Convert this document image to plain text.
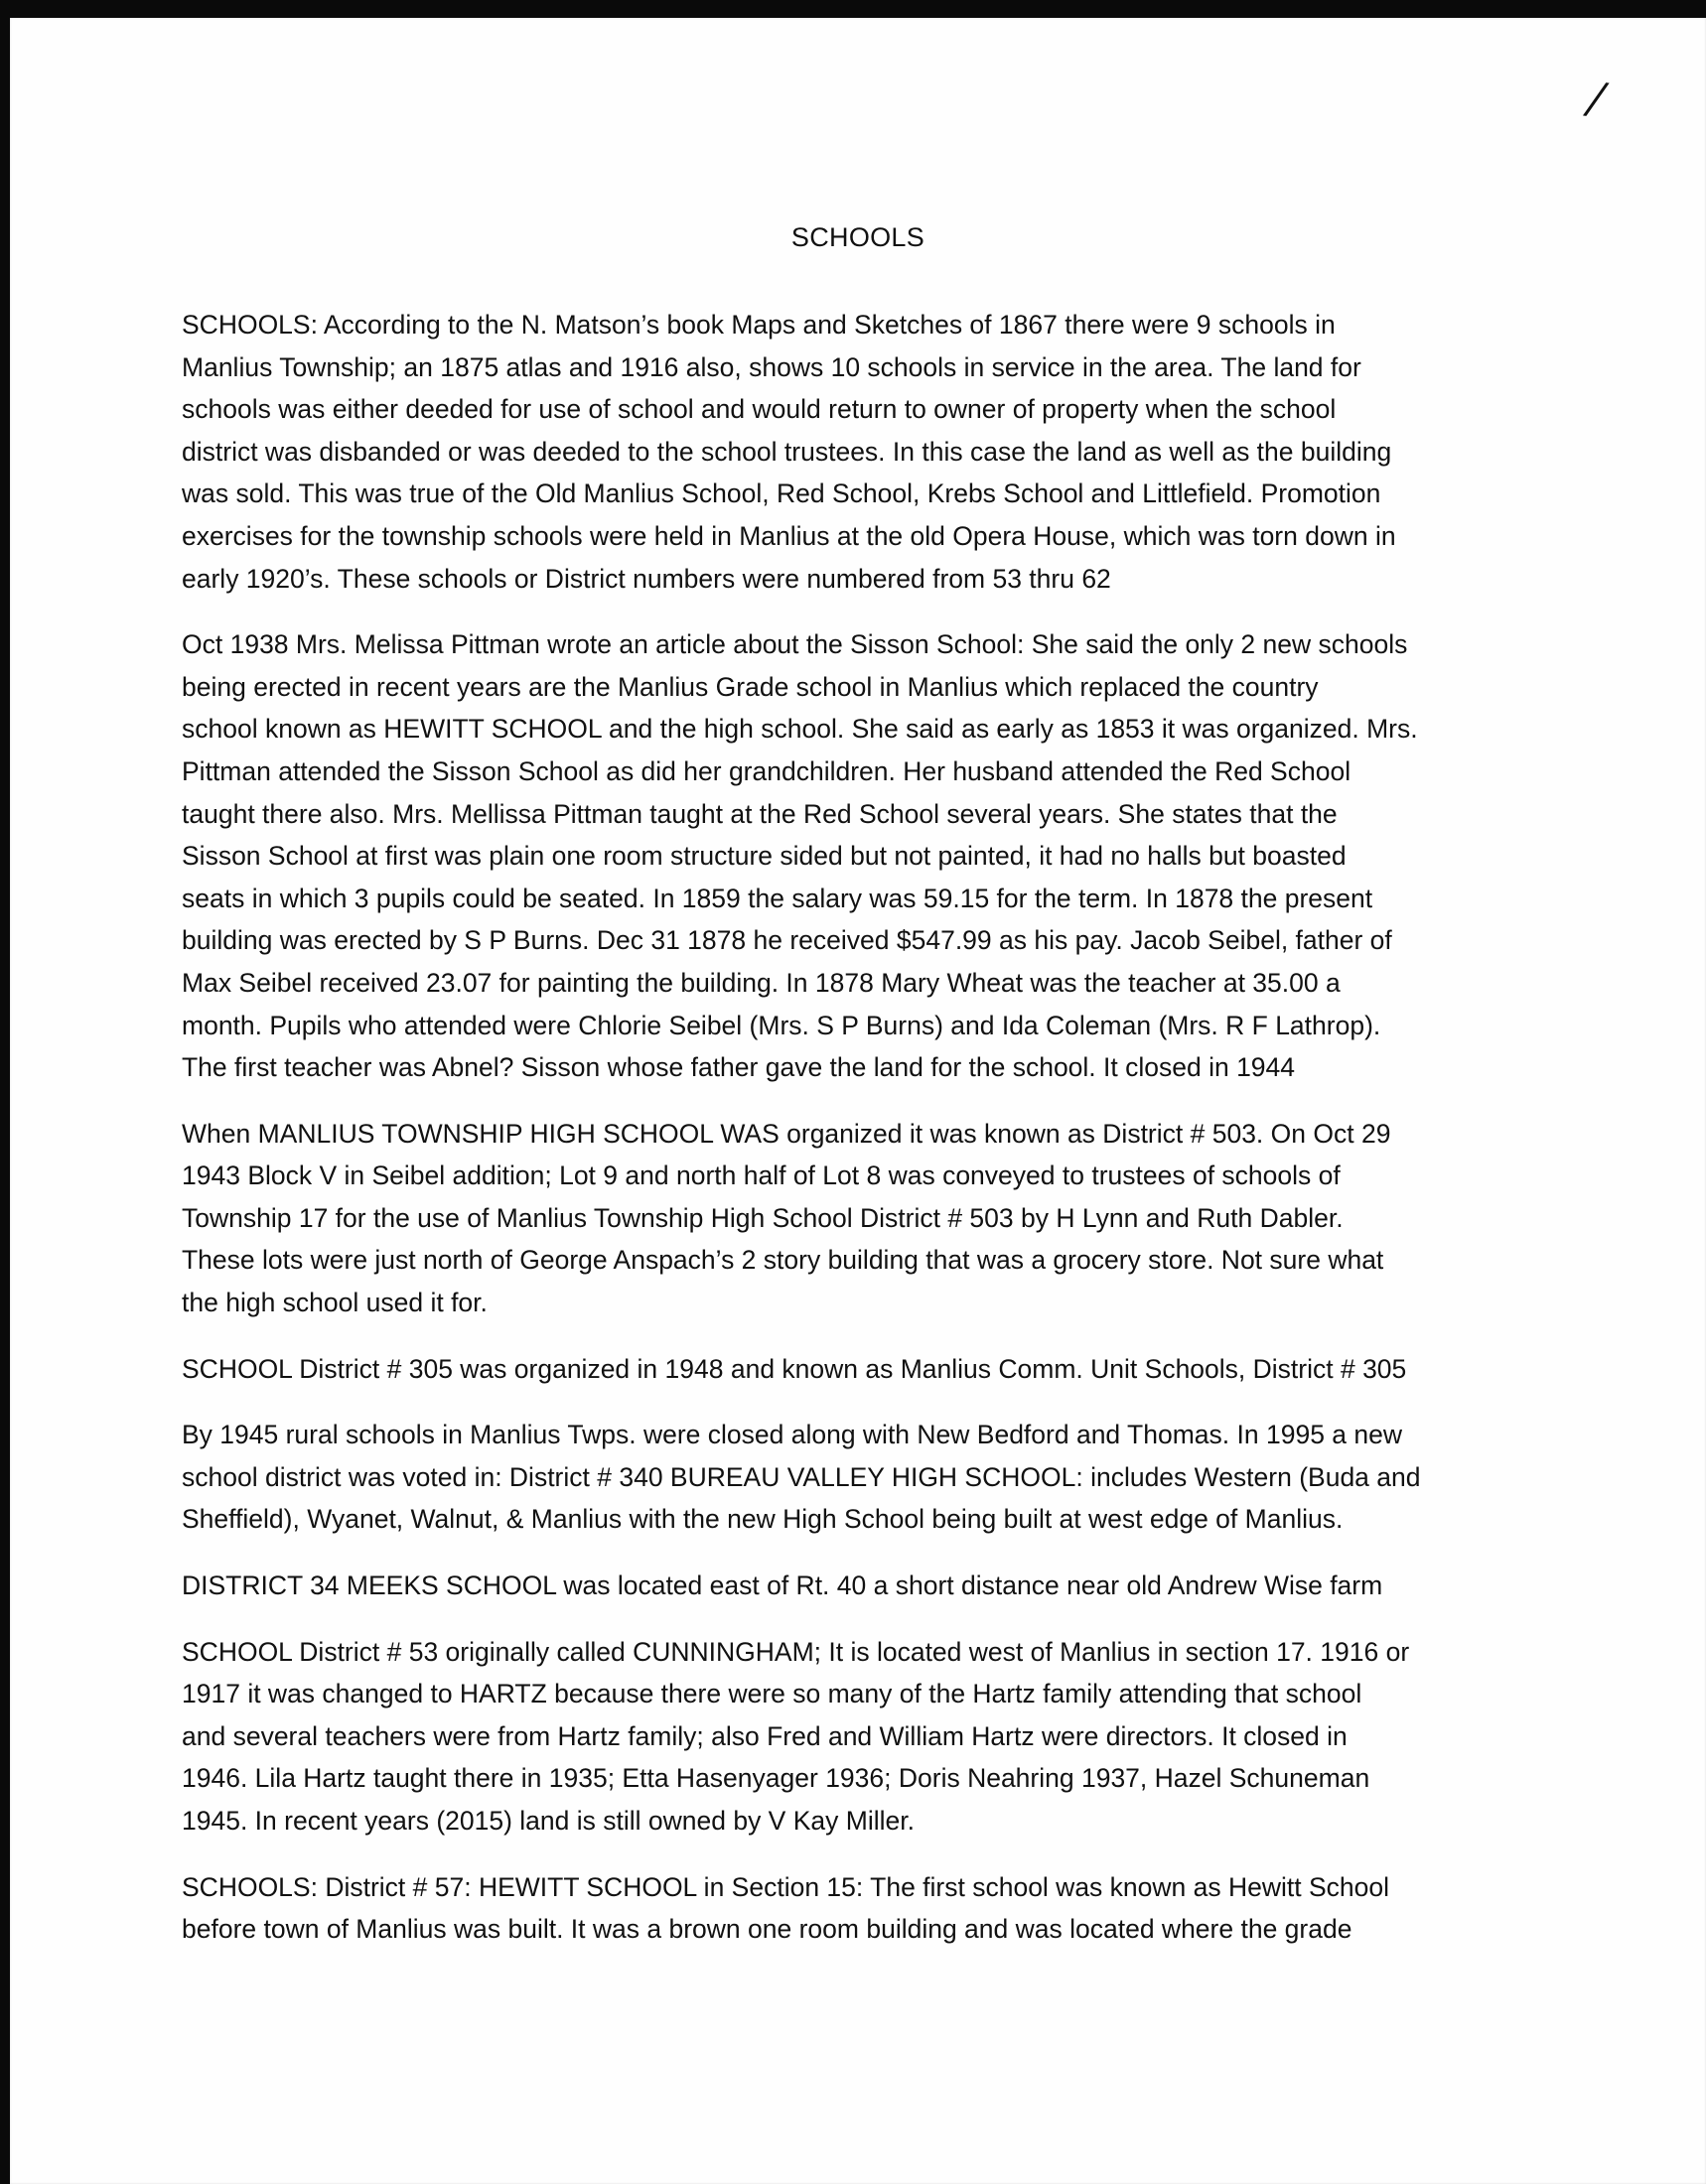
/
SCHOOLS

SCHOOLS: According to the N. Matson’s book Maps and Sketches of 1867 there were 9 schools in
Manlius Township; an 1875 atlas and 1916 also, shows 10 schools in service in the area. The land for
schools was either deeded for use of school and would return to owner of property when the school
district was disbanded or was deeded to the school trustees. In this case the land as well as the building
was sold. This was true of the Old Manlius School, Red School, Krebs School and Littlefield. Promotion
exercises for the township schools were held in Manlius at the old Opera House, which was torn down in
early 1920’s. These schools or District numbers were numbered from 53 thru 62

Oct 1938 Mrs. Melissa Pittman wrote an article about the Sisson School: She said the only 2 new schools
being erected in recent years are the Manlius Grade school in Manlius which replaced the country
school known as HEWITT SCHOOL and the high school. She said as early as 1853 it was organized. Mrs.
Pittman attended the Sisson School as did her grandchildren. Her husband attended the Red School
taught there also. Mrs. Mellissa Pittman taught at the Red School several years. She states that the
Sisson School at first was plain one room structure sided but not painted, it had no halls but boasted
seats in which 3 pupils could be seated. In 1859 the salary was 59.15 for the term. In 1878 the present
building was erected by S P Burns. Dec 31 1878 he received $547.99 as his pay. Jacob Seibel, father of
Max Seibel received 23.07 for painting the building. In 1878 Mary Wheat was the teacher at 35.00 a
month. Pupils who attended were Chlorie Seibel (Mrs. S P Burns) and Ida Coleman (Mrs. R F Lathrop).
The first teacher was Abnel? Sisson whose father gave the land for the school. It closed in 1944

When MANLIUS TOWNSHIP HIGH SCHOOL WAS organized it was known as District # 503. On Oct 29
1943 Block V in Seibel addition; Lot 9 and north half of Lot 8 was conveyed to trustees of schools of
Township 17 for the use of Manlius Township High School District # 503 by H Lynn and Ruth Dabler.
These lots were just north of George Anspach’s 2 story building that was a grocery store. Not sure what
the high school used it for.

SCHOOL District # 305 was organized in 1948 and known as Manlius Comm. Unit Schools, District # 305

By 1945 rural schools in Manlius Twps. were closed along with New Bedford and Thomas. In 1995 a new
school district was voted in: District # 340 BUREAU VALLEY HIGH SCHOOL: includes Western (Buda and
Sheffield), Wyanet, Walnut, & Manlius with the new High School being built at west edge of Manlius.

DISTRICT 34 MEEKS SCHOOL was located east of Rt. 40 a short distance near old Andrew Wise farm

SCHOOL District # 53 originally called CUNNINGHAM; It is located west of Manlius in section 17. 1916 or
1917 it was changed to HARTZ because there were so many of the Hartz family attending that school
and several teachers were from Hartz family; also Fred and William Hartz were directors. It closed in
1946. Lila Hartz taught there in 1935; Etta Hasenyager 1936; Doris Neahring 1937, Hazel Schuneman
1945. In recent years (2015) land is still owned by V Kay Miller.

SCHOOLS: District # 57: HEWITT SCHOOL in Section 15: The first school was known as Hewitt School
before town of Manlius was built. It was a brown one room building and was located where the grade
